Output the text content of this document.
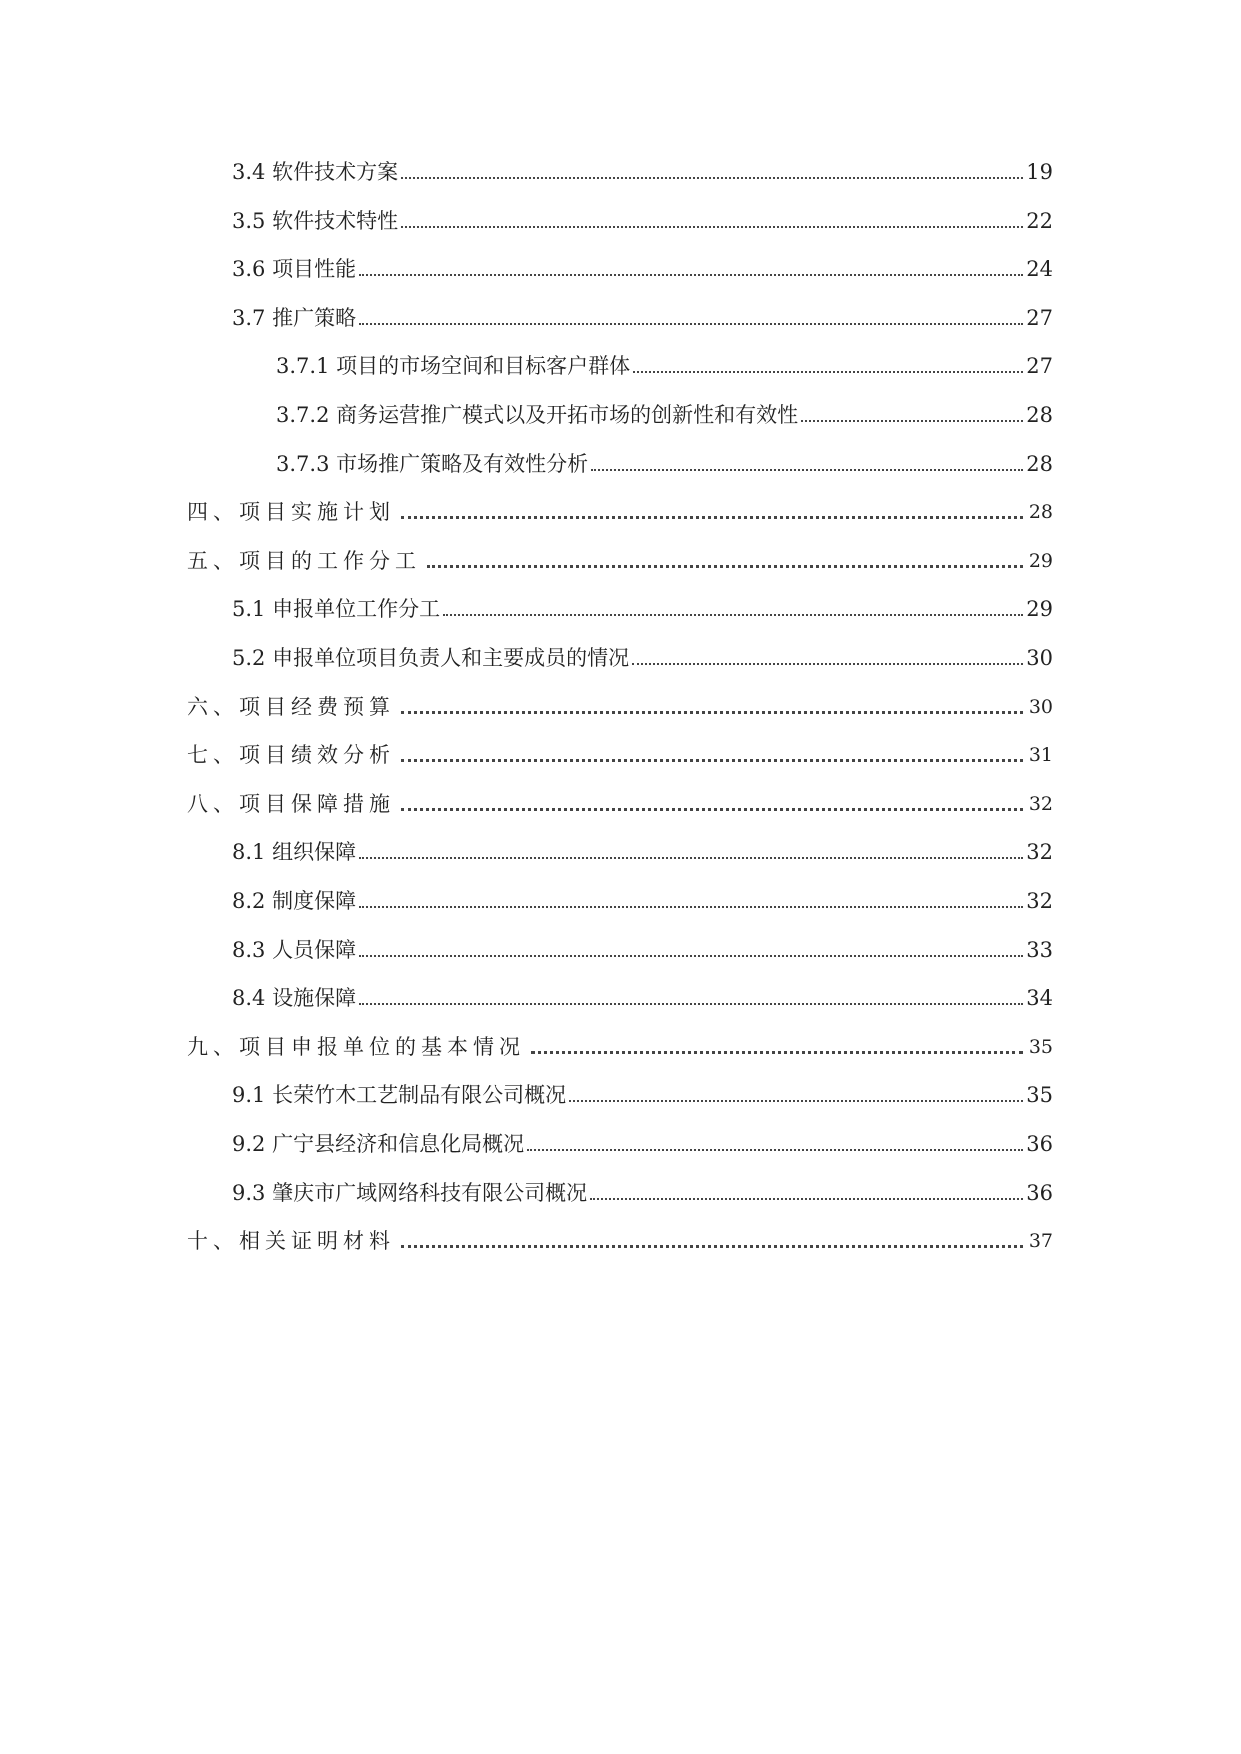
3.4 软件技术方案	19
3.5 软件技术特性	22
3.6 项目性能	24
3.7 推广策略	27
3.7.1 项目的市场空间和目标客户群体	27
3.7.2 商务运营推广模式以及开拓市场的创新性和有效性	28
3.7.3 市场推广策略及有效性分析	28
四、项目实施计划	28
五、项目的工作分工	29
5.1 申报单位工作分工	29
5.2 申报单位项目负责人和主要成员的情况	30
六、项目经费预算	30
七、项目绩效分析	31
八、项目保障措施	32
8.1 组织保障	32
8.2 制度保障	32
8.3 人员保障	33
8.4 设施保障	34
九、项目申报单位的基本情况	35
9.1 长荣竹木工艺制品有限公司概况	35
9.2 广宁县经济和信息化局概况	36
9.3 肇庆市广域网络科技有限公司概况	36
十、相关证明材料	37
